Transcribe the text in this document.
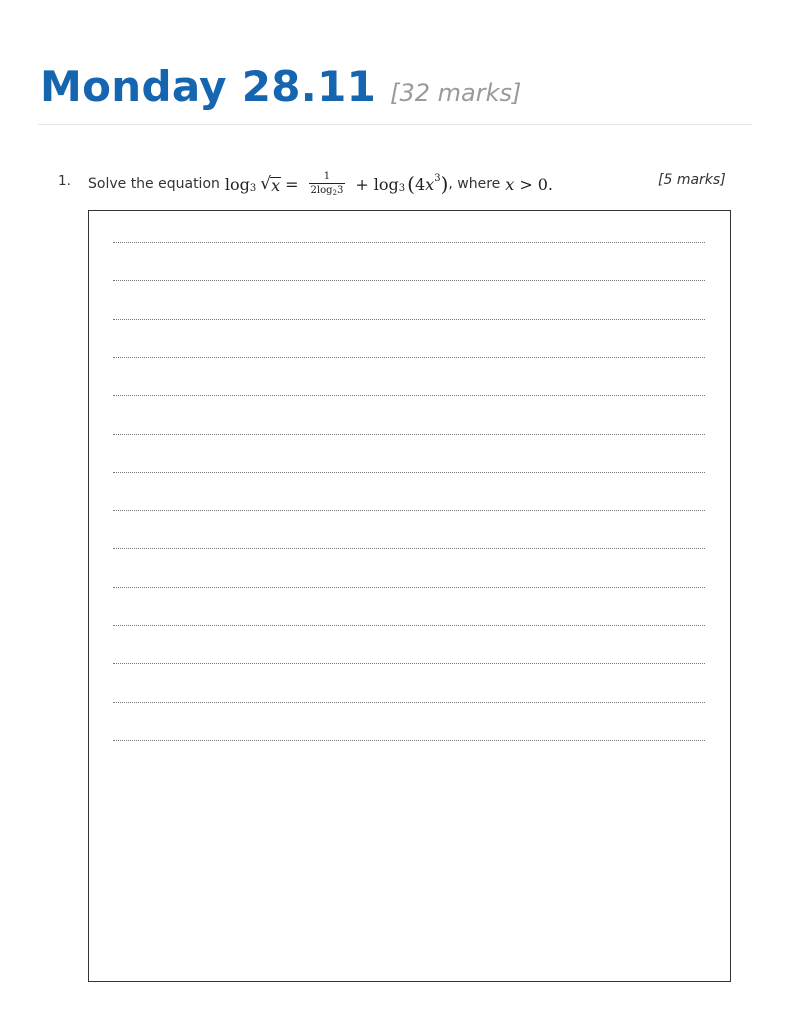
Monday 28.11 [32 marks]
1. Solve the equation log 3 √ $x = \frac{1}{2\log_23} + \log 3$ ( 4 x 3 ) , where x > 0.	[5 marks]
